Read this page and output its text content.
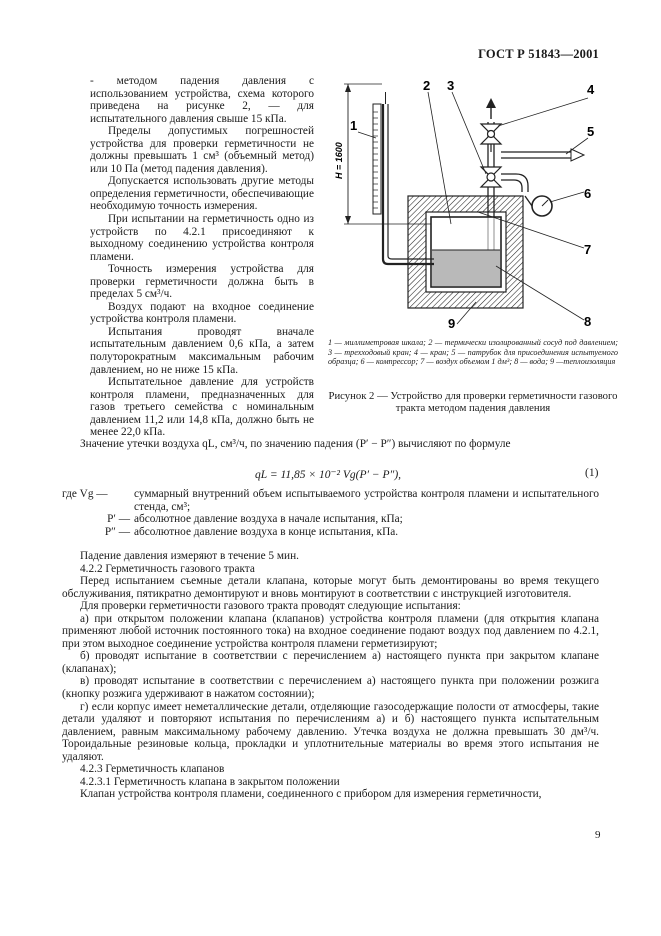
ГОСТ Р 51843—2001

- методом падения давления с использованием устройства, схема которого приведена на рисунке 2, — для испытательного давления свыше 15 кПа.

Пределы допустимых погрешностей устройства для проверки герметичности не должны превышать 1 см³ (объемный метод) или 10 Па (метод падения давления).

Допускается использовать другие методы определения герметичности, обеспечивающие необходимую точность измерения.

При испытании на герметичность одно из устройств по 4.2.1 присоединяют к выходному соединению устройства контроля пламени.

Точность измерения устройства для проверки герметичности должна быть в пределах 5 см³/ч.

Воздух подают на входное соединение устройства контроля пламени.

Испытания проводят вначале испытательным давлением 0,6 кПа, а затем полуторократным максимальным рабочим давлением, но не ниже 15 кПа.

Испытательное давление для устройств контроля пламени, предназначенных для газов третьего семейства с номинальным давлением 11,2 или 14,8 кПа, должно быть не менее 22,0 кПа.

H = 1600
1
2 3	4
5
6
7
8
9
1 — миллиметровая шкала; 2 — термически изолированный сосуд под давлением; 3 — трехходовый кран; 4 — кран; 5 — патрубок для присоединения испытуемого образца; 6 — компрессор; 7 — воздух объемом 1 дм³; 8 — вода; 9 —теплоизоляция
Рисунок 2 — Устройство для проверки герметичности газового тракта методом падения давления

Значение утечки воздуха qL, см³/ч, по значению падения (P′ − P″) вычисляют по формуле

qL = 11,85 × 10⁻² Vg(P′ − P″),	(1)
где Vg —	суммарный внутренний объем испытываемого устройства контроля пламени и испытательного стенда, см³;
P′ — абсолютное давление воздуха в начале испытания, кПа;
P″ — абсолютное давление воздуха в конце испытания, кПа.

Падение давления измеряют в течение 5 мин.

4.2.2 Герметичность газового тракта

Перед испытанием съемные детали клапана, которые могут быть демонтированы во время текущего обслуживания, пятикратно демонтируют и вновь монтируют в соответствии с инструкцией изготовителя.

Для проверки герметичности газового тракта проводят следующие испытания:

а) при открытом положении клапана (клапанов) устройства контроля пламени (для открытия клапана применяют любой источник постоянного тока) на входное соединение подают воздух под давлением по 4.2.1, при этом выходное соединение устройства контроля пламени герметизируют;

б) проводят испытание в соответствии с перечислением а) настоящего пункта при закрытом клапане (клапанах);

в) проводят испытание в соответствии с перечислением а) настоящего пункта при положении розжига (кнопку розжига удерживают в нажатом состоянии);

г) если корпус имеет неметаллические детали, отделяющие газосодержащие полости от атмосферы, такие детали удаляют и повторяют испытания по перечислениям а) и б) настоящего пункта испытательным давлением, равным максимальному рабочему давлению. Утечка воздуха не должна превышать 30 дм³/ч. Тороидальные резиновые кольца, прокладки и уплотнительные материалы во время этого испытания не удаляют.

4.2.3 Герметичность клапанов

4.2.3.1 Герметичность клапана в закрытом положении

Клапан устройства контроля пламени, соединенного с прибором для измерения герметичности,

9
